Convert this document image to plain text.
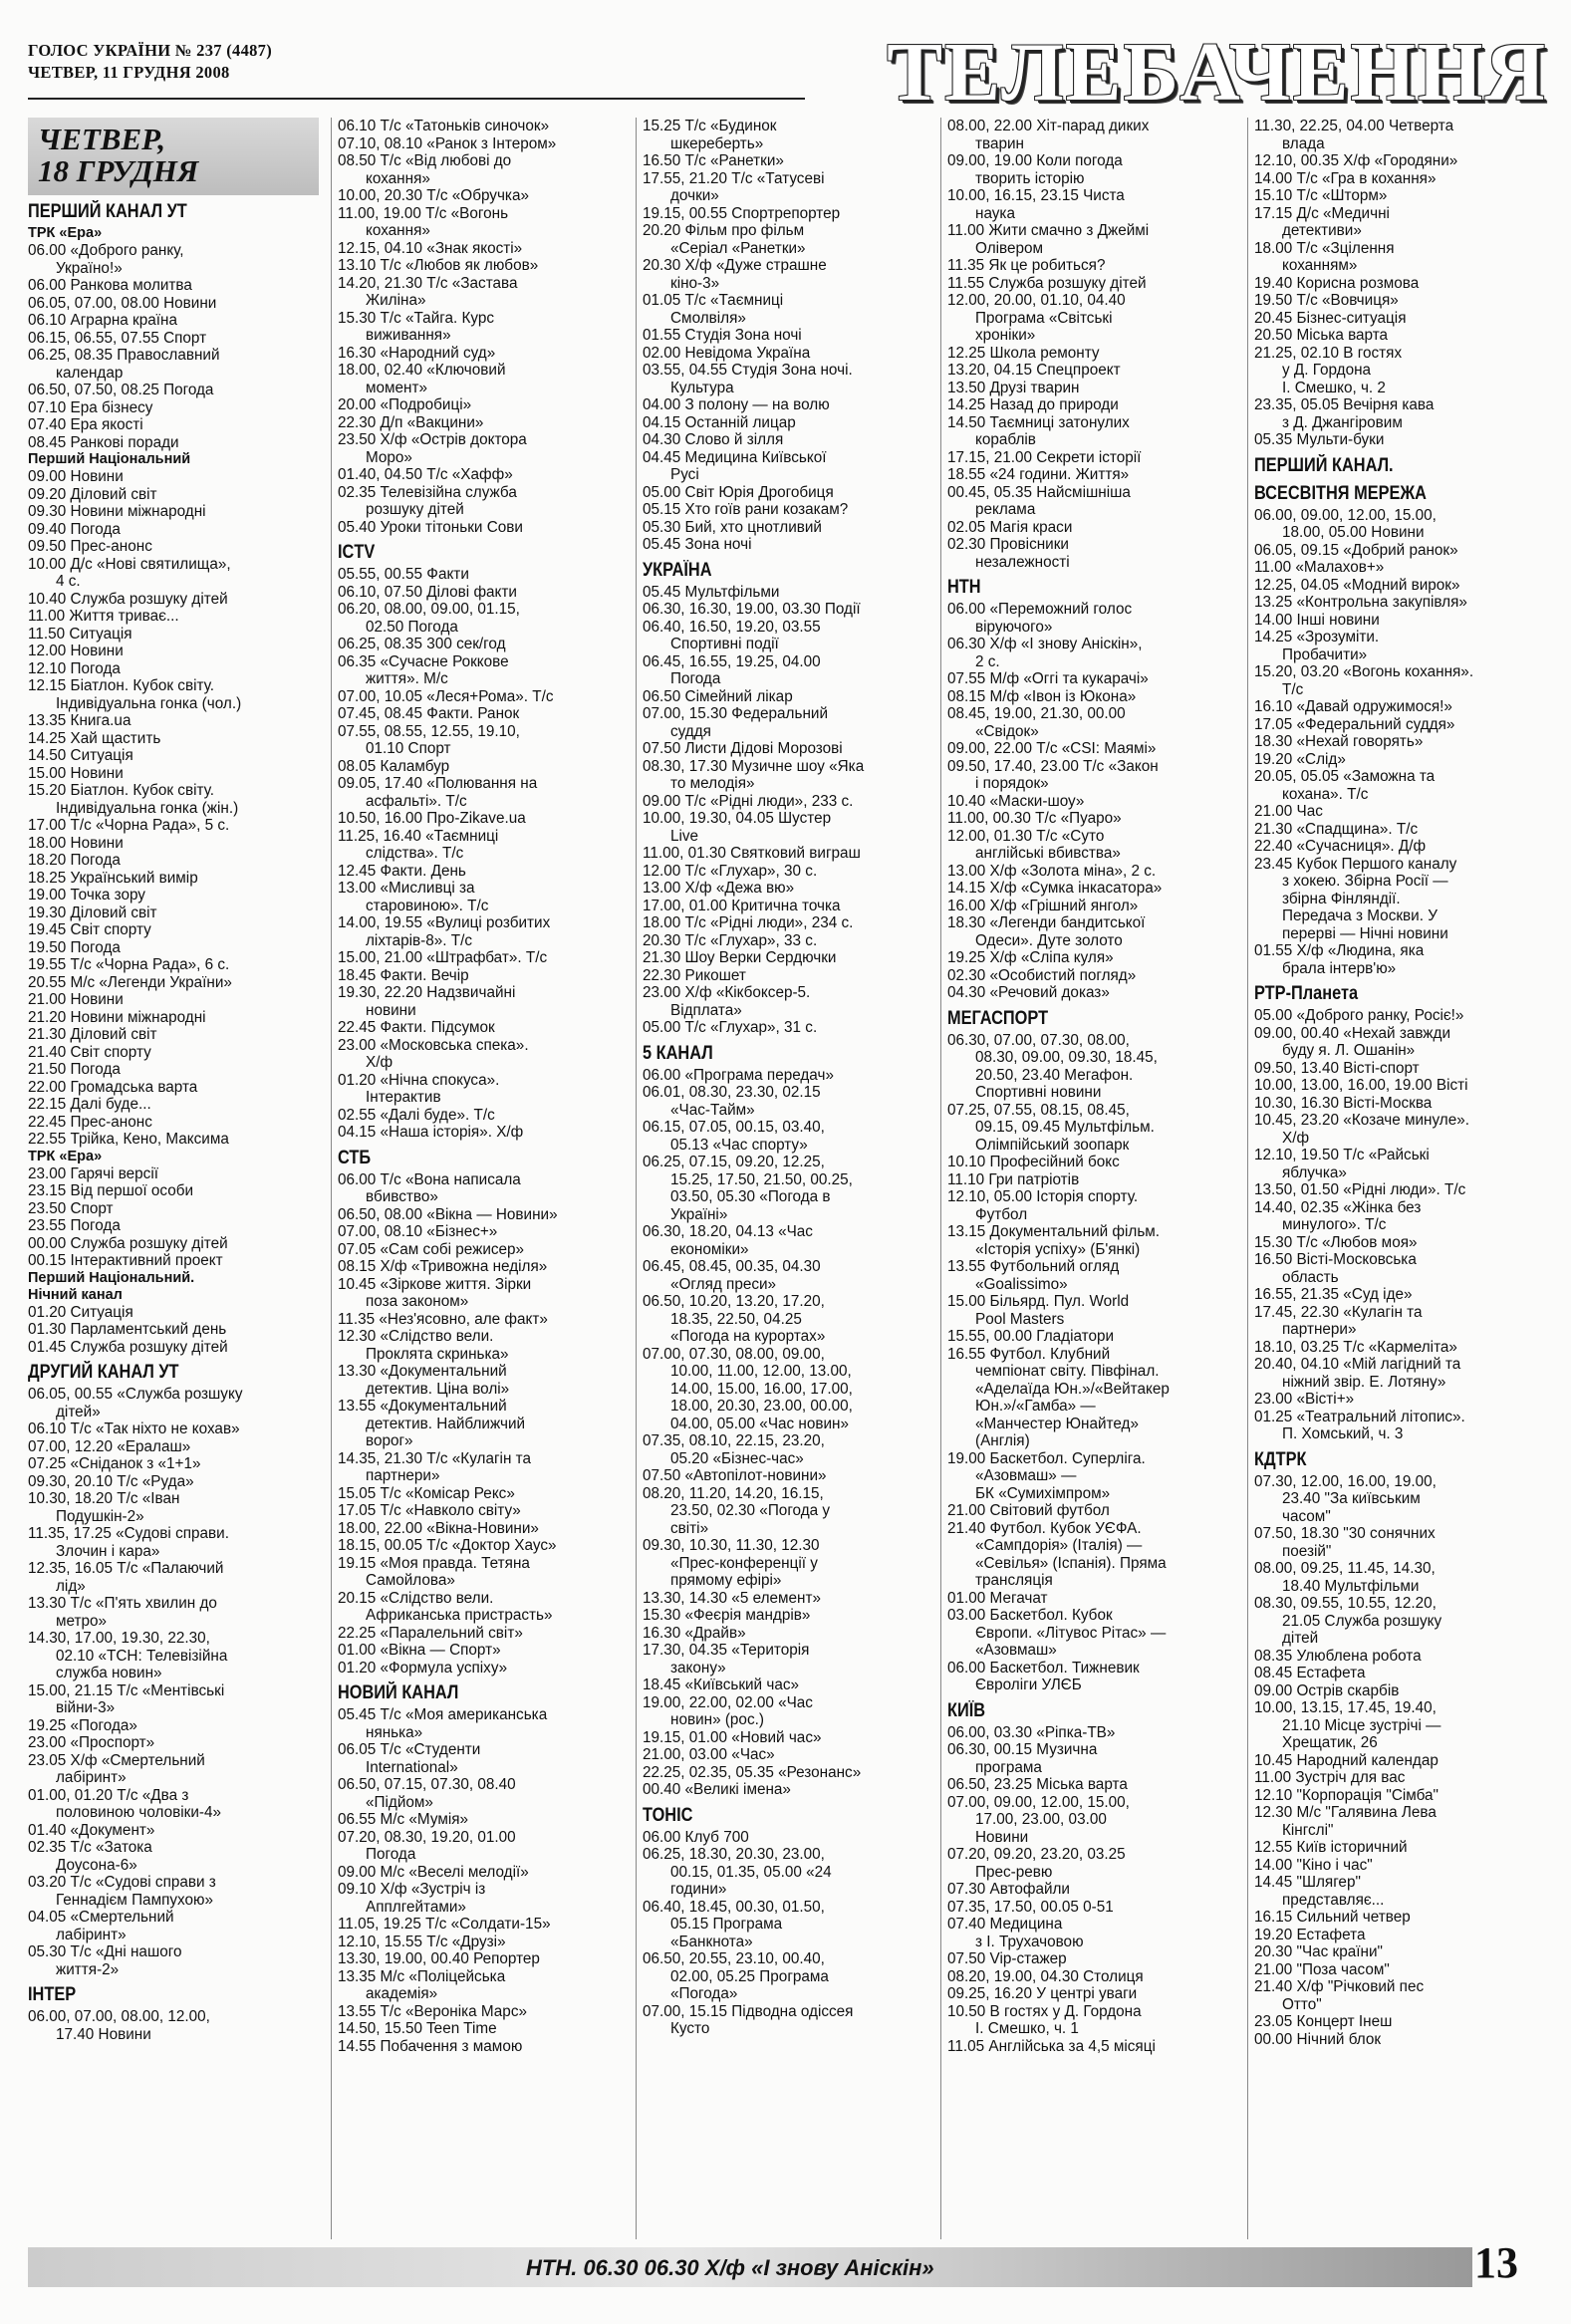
ГОЛОС УКРАЇНИ № 237 (4487)
ЧЕТВЕР, 11 ГРУДНЯ 2008	ТЕЛЕБАЧЕННЯ
ЧЕТВЕР,
18 ГРУДНЯ
ПЕРШИЙ КАНАЛ УТ
ТРК «Ера»
06.00 «Доброго ранку,
Україно!»
06.00 Ранкова молитва
06.05, 07.00, 08.00 Новини
06.10 Аграрна країна
06.15, 06.55, 07.55 Спорт
06.25, 08.35 Православний
календар
06.50, 07.50, 08.25 Погода
07.10 Ера бізнесу
07.40 Ера якості
08.45 Ранкові поради
Перший Національний
09.00 Новини
09.20 Діловий світ
09.30 Новини міжнародні
09.40 Погода
09.50 Прес-анонс
10.00 Д/с «Нові святилища»,
4 с.
10.40 Служба розшуку дітей
11.00 Життя триває...
11.50 Ситуація
12.00 Новини
12.10 Погода
12.15 Біатлон. Кубок світу.
Індивідуальна гонка (чол.)
13.35 Книга.ua
14.25 Хай щастить
14.50 Ситуація
15.00 Новини
15.20 Біатлон. Кубок світу.
Індивідуальна гонка (жін.)
17.00 Т/с «Чорна Рада», 5 с.
18.00 Новини
18.20 Погода
18.25 Український вимір
19.00 Точка зору
19.30 Діловий світ
19.45 Світ спорту
19.50 Погода
19.55 Т/с «Чорна Рада», 6 с.
20.55 М/с «Легенди України»
21.00 Новини
21.20 Новини міжнародні
21.30 Діловий світ
21.40 Світ спорту
21.50 Погода
22.00 Громадська варта
22.15 Далі буде...
22.45 Прес-анонс
22.55 Трійка, Кено, Максима
ТРК «Ера»
23.00 Гарячі версії
23.15 Від першої особи
23.50 Спорт
23.55 Погода
00.00 Служба розшуку дітей
00.15 Інтерактивний проект
Перший Національний.
Нічний канал
01.20 Ситуація
01.30 Парламентський день
01.45 Служба розшуку дітей
ДРУГИЙ КАНАЛ УТ
06.05, 00.55 «Служба розшуку
дітей»
06.10 Т/с «Так ніхто не кохав»
07.00, 12.20 «Ералаш»
07.25 «Сніданок з «1+1»
09.30, 20.10 Т/с «Руда»
10.30, 18.20 Т/с «Іван
Подушкін-2»
11.35, 17.25 «Судові справи.
Злочин і кара»
12.35, 16.05 Т/с «Палаючий
лід»
13.30 Т/с «П'ять хвилин до
метро»
14.30, 17.00, 19.30, 22.30,
02.10 «ТСН: Телевізійна
служба новин»
15.00, 21.15 Т/с «Ментівські
війни-3»
19.25 «Погода»
23.00 «Проспорт»
23.05 Х/ф «Смертельний
лабіринт»
01.00, 01.20 Т/с «Два з
половиною чоловіки-4»
01.40 «Документ»
02.35 Т/с «Затока
Доусона-6»
03.20 Т/с «Судові справи з
Геннадієм Пампухою»
04.05 «Смертельний
лабіринт»
05.30 Т/с «Дні нашого
життя-2»
ІНТЕР
06.00, 07.00, 08.00, 12.00,
17.40 Новини
06.10 Т/с «Татоньків синочок»
07.10, 08.10 «Ранок з Інтером»
08.50 Т/с «Від любові до
кохання»
10.00, 20.30 Т/с «Обручка»
11.00, 19.00 Т/с «Вогонь
кохання»
12.15, 04.10 «Знак якості»
13.10 Т/с «Любов як любов»
14.20, 21.30 Т/с «Застава
Жиліна»
15.30 Т/с «Тайга. Курс
виживання»
16.30 «Народний суд»
18.00, 02.40 «Ключовий
момент»
20.00 «Подробиці»
22.30 Д/п «Вакцини»
23.50 Х/ф «Острів доктора
Моро»
01.40, 04.50 Т/с «Хафф»
02.35 Телевізійна служба
розшуку дітей
05.40 Уроки тітоньки Сови
ICTV
05.55, 00.55 Факти
06.10, 07.50 Ділові факти
06.20, 08.00, 09.00, 01.15,
02.50 Погода
06.25, 08.35 300 сек/год
06.35 «Сучасне Роккове
життя». М/с
07.00, 10.05 «Леся+Рома». Т/с
07.45, 08.45 Факти. Ранок
07.55, 08.55, 12.55, 19.10,
01.10 Спорт
08.05 Каламбур
09.05, 17.40 «Полювання на
асфальті». Т/с
10.50, 16.00 Про-Zikave.ua
11.25, 16.40 «Таємниці
слідства». Т/с
12.45 Факти. День
13.00 «Мисливці за
старовиною». Т/с
14.00, 19.55 «Вулиці розбитих
ліхтарів-8». Т/с
15.00, 21.00 «Штрафбат». Т/с
18.45 Факти. Вечір
19.30, 22.20 Надзвичайні
новини
22.45 Факти. Підсумок
23.00 «Московська спека».
Х/ф
01.20 «Нічна спокуса».
Інтерактив
02.55 «Далі буде». Т/с
04.15 «Наша історія». Х/ф
СТБ
06.00 Т/с «Вона написала
вбивство»
06.50, 08.00 «Вікна — Новини»
07.00, 08.10 «Бізнес+»
07.05 «Сам собі режисер»
08.15 Х/ф «Тривожна неділя»
10.45 «Зіркове життя. Зірки
поза законом»
11.35 «Нез'ясовно, але факт»
12.30 «Слідство вели.
Проклята скринька»
13.30 «Документальний
детектив. Ціна волі»
13.55 «Документальний
детектив. Найближчий
ворог»
14.35, 21.30 Т/с «Кулагін та
партнери»
15.05 Т/с «Комісар Рекс»
17.05 Т/с «Навколо світу»
18.00, 22.00 «Вікна-Новини»
18.15, 00.05 Т/с «Доктор Хаус»
19.15 «Моя правда. Тетяна
Самойлова»
20.15 «Слідство вели.
Африканська пристрасть»
22.25 «Паралельний світ»
01.00 «Вікна — Спорт»
01.20 «Формула успіху»
НОВИЙ КАНАЛ
05.45 Т/с «Моя американська
нянька»
06.05 Т/с «Студенти
International»
06.50, 07.15, 07.30, 08.40
«Підйом»
06.55 М/с «Мумія»
07.20, 08.30, 19.20, 01.00
Погода
09.00 М/с «Веселі мелодії»
09.10 Х/ф «Зустріч із
Апплгейтами»
11.05, 19.25 Т/с «Солдати-15»
12.10, 15.55 Т/с «Друзі»
13.30, 19.00, 00.40 Репортер
13.35 М/с «Поліцейська
академія»
13.55 Т/с «Вероніка Марс»
14.50, 15.50 Teen Time
14.55 Побачення з мамою
15.25 Т/с «Будинок
шкереберть»
16.50 Т/с «Ранетки»
17.55, 21.20 Т/с «Татусеві
дочки»
19.15, 00.55 Спортрепортер
20.20 Фільм про фільм
«Серіал «Ранетки»
20.30 Х/ф «Дуже страшне
кіно-3»
01.05 Т/с «Таємниці
Смолвіля»
01.55 Студія Зона ночі
02.00 Невідома Україна
03.55, 04.55 Студія Зона ночі.
Культура
04.00 З полону — на волю
04.15 Останній лицар
04.30 Слово й зілля
04.45 Медицина Київської
Русі
05.00 Світ Юрія Дрогобиця
05.15 Хто гоїв рани козакам?
05.30 Бий, хто цнотливий
05.45 Зона ночі
УКРАЇНА
05.45 Мультфільми
06.30, 16.30, 19.00, 03.30 Події
06.40, 16.50, 19.20, 03.55
Спортивні події
06.45, 16.55, 19.25, 04.00
Погода
06.50 Сімейний лікар
07.00, 15.30 Федеральний
суддя
07.50 Листи Дідові Морозові
08.30, 17.30 Музичне шоу «Яка
то мелодія»
09.00 Т/с «Рідні люди», 233 с.
10.00, 19.30, 04.05 Шустер
Live
11.00, 01.30 Святковий виграш
12.00 Т/с «Глухар», 30 с.
13.00 Х/ф «Дежа вю»
17.00, 01.00 Критична точка
18.00 Т/с «Рідні люди», 234 с.
20.30 Т/с «Глухар», 33 с.
21.30 Шоу Верки Сердючки
22.30 Рикошет
23.00 Х/ф «Кікбоксер-5.
Відплата»
05.00 Т/с «Глухар», 31 с.
5 КАНАЛ
06.00 «Програма передач»
06.01, 08.30, 23.30, 02.15
«Час-Тайм»
06.15, 07.05, 00.15, 03.40,
05.13 «Час спорту»
06.25, 07.15, 09.20, 12.25,
15.25, 17.50, 21.50, 00.25,
03.50, 05.30 «Погода в
Україні»
06.30, 18.20, 04.13 «Час
економіки»
06.45, 08.45, 00.35, 04.30
«Огляд преси»
06.50, 10.20, 13.20, 17.20,
18.35, 22.50, 04.25
«Погода на курортах»
07.00, 07.30, 08.00, 09.00,
10.00, 11.00, 12.00, 13.00,
14.00, 15.00, 16.00, 17.00,
18.00, 20.30, 23.00, 00.00,
04.00, 05.00 «Час новин»
07.35, 08.10, 22.15, 23.20,
05.20 «Бізнес-час»
07.50 «Автопілот-новини»
08.20, 11.20, 14.20, 16.15,
23.50, 02.30 «Погода у
світі»
09.30, 10.30, 11.30, 12.30
«Прес-конференції у
прямому ефірі»
13.30, 14.30 «5 елемент»
15.30 «Феєрія мандрів»
16.30 «Драйв»
17.30, 04.35 «Територія
закону»
18.45 «Київський час»
19.00, 22.00, 02.00 «Час
новин» (рос.)
19.15, 01.00 «Новий час»
21.00, 03.00 «Час»
22.25, 02.35, 05.35 «Резонанс»
00.40 «Великі імена»
ТОНІС
06.00 Клуб 700
06.25, 18.30, 20.30, 23.00,
00.15, 01.35, 05.00 «24
години»
06.40, 18.45, 00.30, 01.50,
05.15 Програма
«Банкнота»
06.50, 20.55, 23.10, 00.40,
02.00, 05.25 Програма
«Погода»
07.00, 15.15 Підводна одіссея
Кусто
08.00, 22.00 Хіт-парад диких
тварин
09.00, 19.00 Коли погода
творить історію
10.00, 16.15, 23.15 Чиста
наука
11.00 Жити смачно з Джеймі
Олівером
11.35 Як це робиться?
11.55 Служба розшуку дітей
12.00, 20.00, 01.10, 04.40
Програма «Світські
хроніки»
12.25 Школа ремонту
13.20, 04.15 Спецпроект
13.50 Друзі тварин
14.25 Назад до природи
14.50 Таємниці затонулих
кораблів
17.15, 21.00 Секрети історії
18.55 «24 години. Життя»
00.45, 05.35 Найсмішніша
реклама
02.05 Магія краси
02.30 Провісники
незалежності
НТН
06.00 «Переможний голос
віруючого»
06.30 Х/ф «І знову Анiскін»,
2 с.
07.55 М/ф «Оггі та кукарачі»
08.15 М/ф «Івон із Юкона»
08.45, 19.00, 21.30, 00.00
«Свідок»
09.00, 22.00 Т/с «CSI: Маямі»
09.50, 17.40, 23.00 Т/с «Закон
і порядок»
10.40 «Маски-шоу»
11.00, 00.30 Т/с «Пуаро»
12.00, 01.30 Т/с «Суто
англійські вбивства»
13.00 Х/ф «Золота міна», 2 с.
14.15 Х/ф «Сумка інкасатора»
16.00 Х/ф «Грішний янгол»
18.30 «Легенди бандитської
Одеси». Дуте золото
19.25 Х/ф «Сліпа куля»
02.30 «Особистий погляд»
04.30 «Речовий доказ»
МЕГАСПОРТ
06.30, 07.00, 07.30, 08.00,
08.30, 09.00, 09.30, 18.45,
20.50, 23.40 Мегафон.
Спортивні новини
07.25, 07.55, 08.15, 08.45,
09.15, 09.45 Мультфільм.
Олімпійський зоопарк
10.10 Професійний бокс
11.10 Гри патріотів
12.10, 05.00 Історія спорту.
Футбол
13.15 Документальний фільм.
«Історія успіху» (Б'янкі)
13.55 Футбольний огляд
«Goalissimo»
15.00 Більярд. Пул. World
Pool Masters
15.55, 00.00 Гладіатори
16.55 Футбол. Клубний
чемпіонат світу. Півфінал.
«Аделаїда Юн.»/«Вейтакер
Юн.»/«Гамба» —
«Манчестер Юнайтед»
(Англія)
19.00 Баскетбол. Суперліга.
«Азовмаш» —
БК «Сумихімпром»
21.00 Світовий футбол
21.40 Футбол. Кубок УЄФА.
«Сампдорія» (Італія) —
«Севілья» (Іспанія). Пряма
трансляція
01.00 Мегачат
03.00 Баскетбол. Кубок
Європи. «Літувос Рітас» —
«Азовмаш»
06.00 Баскетбол. Тижневик
Євроліги УЛЄБ
КИЇВ
06.00, 03.30 «Ріпка-ТВ»
06.30, 00.15 Музична
програма
06.50, 23.25 Міська варта
07.00, 09.00, 12.00, 15.00,
17.00, 23.00, 03.00
Новини
07.20, 09.20, 23.20, 03.25
Прес-ревю
07.30 Автофайли
07.35, 17.50, 00.05 0-51
07.40 Медицина
з І. Трухачовою
07.50 Vip-стажер
08.20, 19.00, 04.30 Столиця
09.25, 16.20 У центрі уваги
10.50 В гостях у Д. Гордона
І. Смешко, ч. 1
11.05 Англійська за 4,5 місяці
11.30, 22.25, 04.00 Четверта
влада
12.10, 00.35 Х/ф «Городяни»
14.00 Т/с «Гра в кохання»
15.10 Т/с «Шторм»
17.15 Д/с «Медичні
детективи»
18.00 Т/с «Зцілення
коханням»
19.40 Корисна розмова
19.50 Т/с «Вовчиця»
20.45 Бізнес-ситуація
20.50 Міська варта
21.25, 02.10 В гостях
у Д. Гордона
І. Смешко, ч. 2
23.35, 05.05 Вечірня кава
з Д. Джангіровим
05.35 Мульти-буки
ПЕРШИЙ КАНАЛ.
ВСЕСВІТНЯ МЕРЕЖА
06.00, 09.00, 12.00, 15.00,
18.00, 05.00 Новини
06.05, 09.15 «Добрий ранок»
11.00 «Малахов+»
12.25, 04.05 «Модний вирок»
13.25 «Контрольна закупівля»
14.00 Інші новини
14.25 «Зрозуміти.
Пробачити»
15.20, 03.20 «Вогонь кохання».
Т/с
16.10 «Давай одружимося!»
17.05 «Федеральний суддя»
18.30 «Нехай говорять»
19.20 «Слід»
20.05, 05.05 «Заможна та
кохана». Т/с
21.00 Час
21.30 «Спадщина». Т/с
22.40 «Сучасниця». Д/ф
23.45 Кубок Першого каналу
з хокею. Збірна Росії —
збірна Фінляндії.
Передача з Москви. У
перерві — Нічні новини
01.55 Х/ф «Людина, яка
брала інтерв'ю»
РТР-Планета
05.00 «Доброго ранку, Росіє!»
09.00, 00.40 «Нехай завжди
буду я. Л. Ошанін»
09.50, 13.40 Вісті-спорт
10.00, 13.00, 16.00, 19.00 Вісті
10.30, 16.30 Вісті-Москва
10.45, 23.20 «Козаче минуле».
Х/ф
12.10, 19.50 Т/с «Райські
яблучка»
13.50, 01.50 «Рідні люди». Т/с
14.40, 02.35 «Жінка без
минулого». Т/с
15.30 Т/с «Любов моя»
16.50 Вісті-Московська
область
16.55, 21.35 «Суд іде»
17.45, 22.30 «Кулагін та
партнери»
18.10, 03.25 Т/с «Кармеліта»
20.40, 04.10 «Мій лагідний та
ніжний звір. Е. Лотяну»
23.00 «Вісті+»
01.25 «Театральний літопис».
П. Хомський, ч. 3
КДТРК
07.30, 12.00, 16.00, 19.00,
23.40 "За київським
часом"
07.50, 18.30 "30 сонячних
поезій"
08.00, 09.25, 11.45, 14.30,
18.40 Мультфільми
08.30, 09.55, 10.55, 12.20,
21.05 Служба розшуку
дітей
08.35 Улюблена робота
08.45 Естафета
09.00 Острів скарбів
10.00, 13.15, 17.45, 19.40,
21.10 Місце зустрічі —
Хрещатик, 26
10.45 Народний календар
11.00 Зустріч для вас
12.10 "Корпорація "Сімба"
12.30 М/с "Галявина Лева
Кінгслі"
12.55 Київ історичний
14.00 "Кіно і час"
14.45 "Шлягер"
представляє...
16.15 Сильний четвер
19.20 Естафета
20.30 "Час країни"
21.00 "Поза часом"
21.40 Х/ф "Річковий пес
Отто"
23.05 Концерт Інеш
00.00 Нічний блок
НТН. 06.30 06.30 Х/ф «І знову Анiскін»	13
